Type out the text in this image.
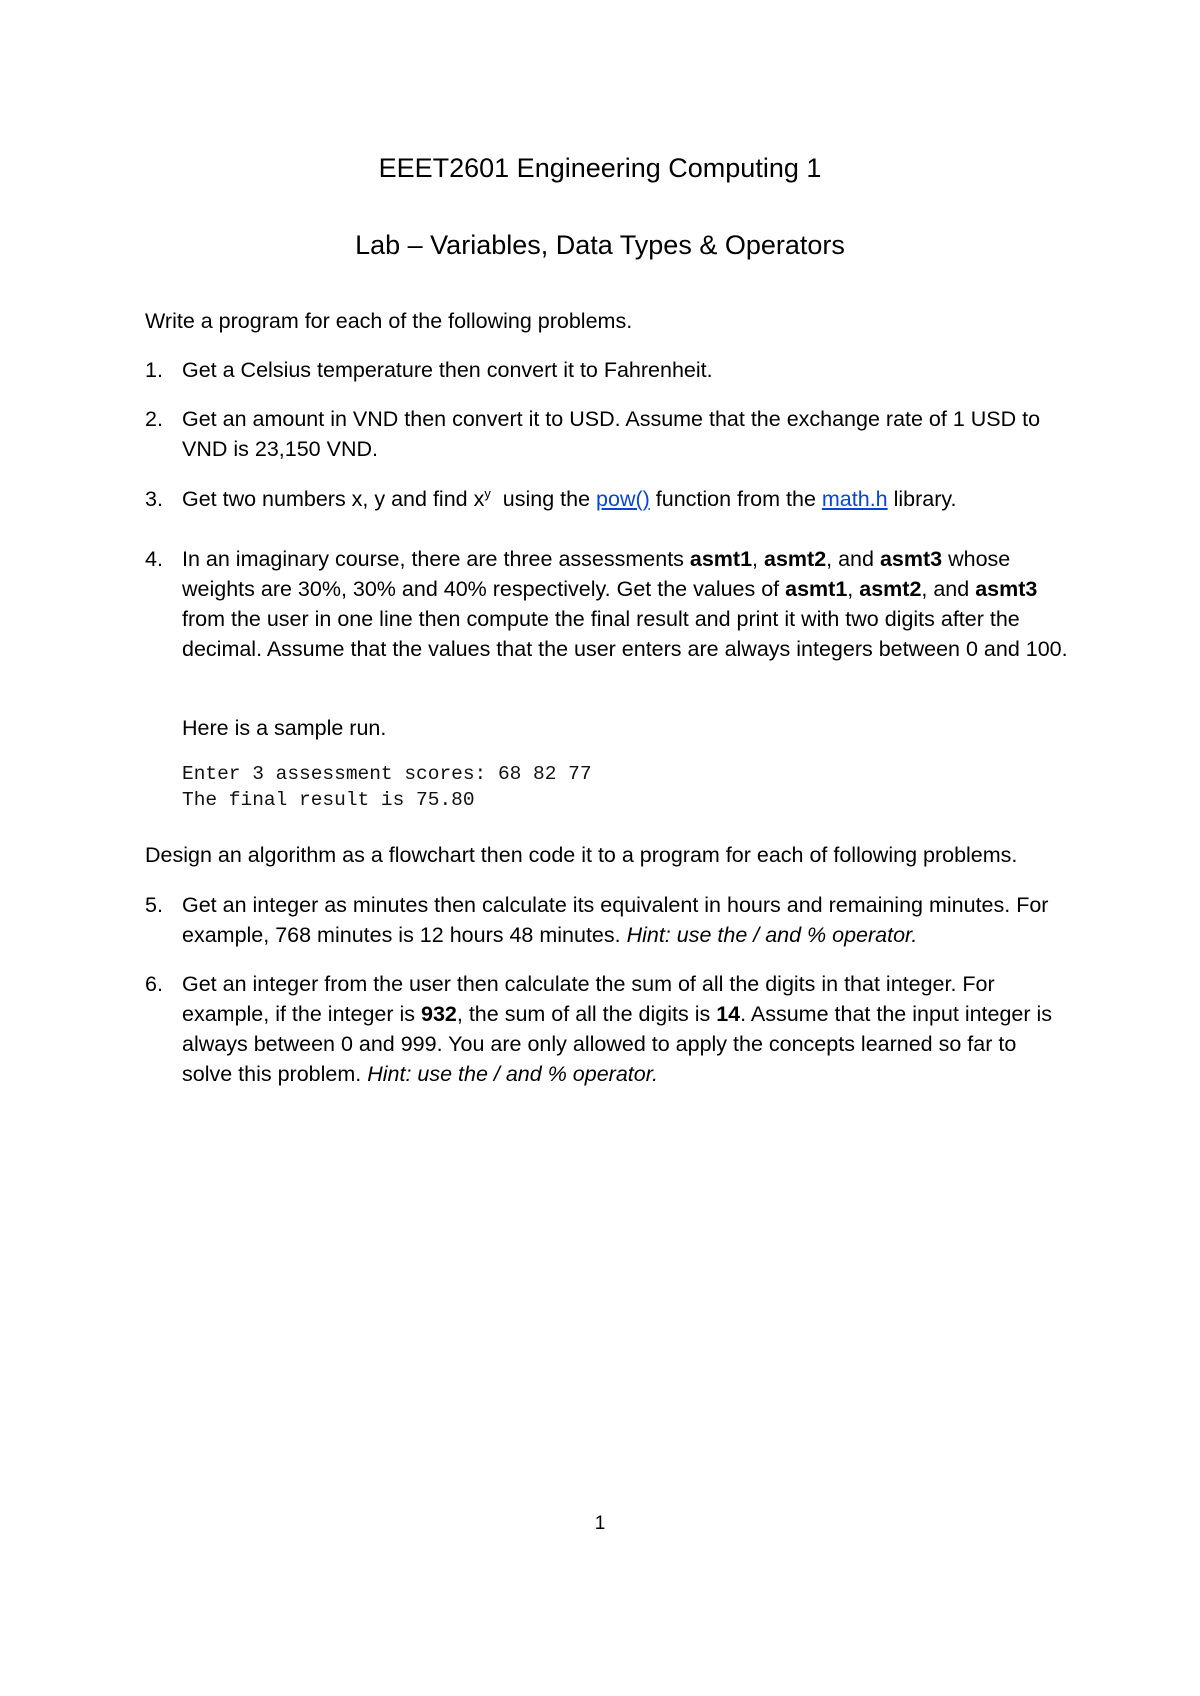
EEET2601 Engineering Computing 1
Lab – Variables, Data Types & Operators
Write a program for each of the following problems.
1. Get a Celsius temperature then convert it to Fahrenheit.
2. Get an amount in VND then convert it to USD. Assume that the exchange rate of 1 USD to VND is 23,150 VND.
3. Get two numbers x, y and find $x^y$  using the pow() function from the math.h library.
4. In an imaginary course, there are three assessments asmt1, asmt2, and asmt3 whose weights are 30%, 30% and 40% respectively. Get the values of asmt1, asmt2, and asmt3 from the user in one line then compute the final result and print it with two digits after the decimal. Assume that the values that the user enters are always integers between 0 and 100.
Here is a sample run.
Enter 3 assessment scores: 68 82 77
The final result is 75.80
Design an algorithm as a flowchart then code it to a program for each of following problems.
5. Get an integer as minutes then calculate its equivalent in hours and remaining minutes. For example, 768 minutes is 12 hours 48 minutes. Hint: use the / and % operator.
6. Get an integer from the user then calculate the sum of all the digits in that integer. For example, if the integer is 932, the sum of all the digits is 14. Assume that the input integer is always between 0 and 999. You are only allowed to apply the concepts learned so far to solve this problem. Hint: use the / and % operator.
1
